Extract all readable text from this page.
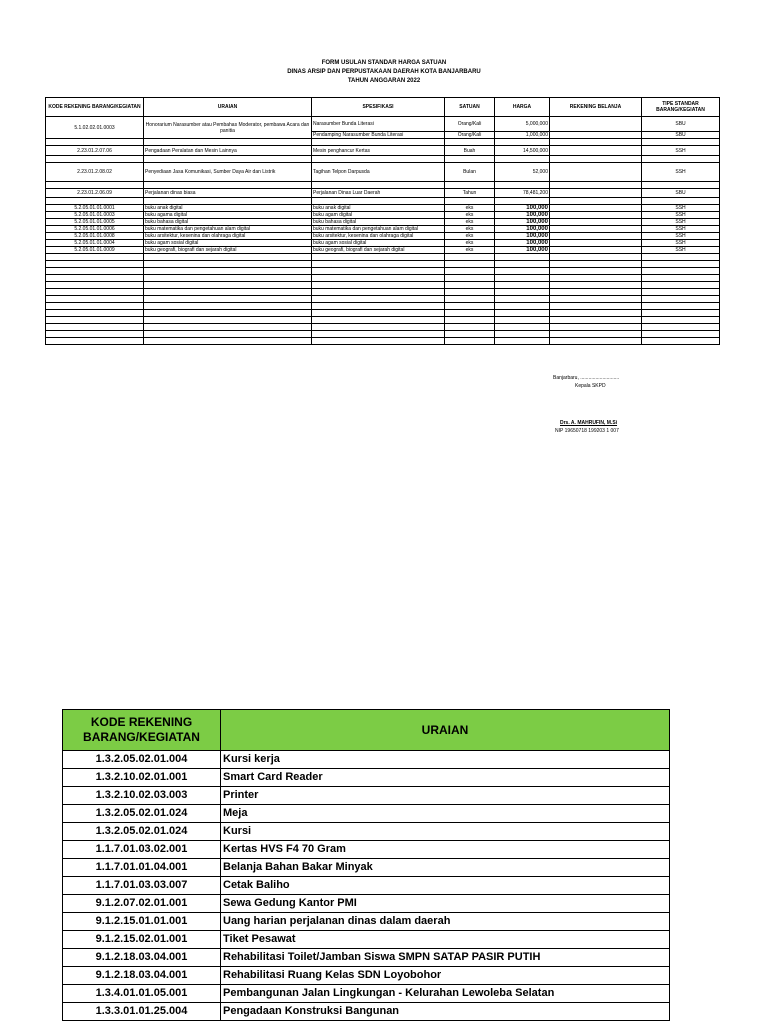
FORM USULAN STANDAR HARGA SATUAN
DINAS ARSIP DAN PERPUSTAKAAN DAERAH KOTA BANJARBARU
TAHUN ANGGARAN 2022
KODE REKENING BARANG/KEGIATAN	URAIAN	SPESIFIKASI	SATUAN	HARGA	REKENING BELANJA	TIPE STANDAR BARANG/KEGIATAN
5.1.02.02.01.0003	Honorarium Narasumber atau Pembahas Moderator, pembawa Acara dan panitia	Narasumber Bunda Literasi	Orang/Kali	5,000,000		SBU
		Pendamping Narasumber Bunda Literasi	Orang/Kali	1,000,000		SBU

2.23.01.2.07.06	Pengadaan Peralatan dan Mesin Lainnya	Mesin penghancur Kertas	Buah	14,500,000		SSH

2.23.01.2.08.02	Penyediaan Jasa Komunikasi, Sumber Daya Air dan Listrik	Tagihan Telpon Darpusda	Bulan	52,000		SSH

2.23.01.2.06.09	Perjalanan dinas biasa	Perjalanan Dinas Luar Daerah	Tahun	78,481,200		SBU

5.2.05.01.01.0001	buku anak digital	buku anak digital	eks	100,000		SSH
5.2.05.01.01.0003	buku agama digital	buku agam digital	eks	100,000		SSH
5.2.05.01.01.0005	buku bahasa digital	buku bahasa digital	eks	100,000		SSH
5.2.05.01.01.0006	buku matematika dan pengetahuan alam digital	buku matematika dan pengetahuan alam digital	eks	100,000		SSH
5.2.05.01.01.0008	buku arsitektur, kesenina dan olahraga digital	buku arsitektur, kesenina dan olahraga digital	eks	100,000		SSH
5.2.05.01.01.0004	buku agam sosial digital	buku agam sosial digital	eks	100,000		SSH
5.2.05.01.01.0009	buku geografi, biografi dan sejarah digital	buku geografi, biografi dan sejarah digital	eks	100,000		SSH

Banjarbaru, ............................
Kepala SKPD
Drs. A. MAHRUFIN, M.Si
NIP 19650718 199203 1 007
KODE REKENING BARANG/KEGIATAN	URAIAN
1.3.2.05.02.01.004	Kursi kerja
1.3.2.10.02.01.001	Smart Card Reader
1.3.2.10.02.03.003	Printer
1.3.2.05.02.01.024	Meja
1.3.2.05.02.01.024	Kursi
1.1.7.01.03.02.001	Kertas HVS F4 70 Gram
1.1.7.01.01.04.001	Belanja Bahan Bakar Minyak
1.1.7.01.03.03.007	Cetak Baliho
9.1.2.07.02.01.001	Sewa Gedung Kantor PMI
9.1.2.15.01.01.001	Uang harian perjalanan dinas dalam daerah
9.1.2.15.02.01.001	Tiket Pesawat
9.1.2.18.03.04.001	Rehabilitasi Toilet/Jamban Siswa SMPN SATAP PASIR PUTIH
9.1.2.18.03.04.001	Rehabilitasi Ruang Kelas SDN Loyobohor
1.3.4.01.01.05.001	Pembangunan Jalan Lingkungan - Kelurahan Lewoleba Selatan
1.3.3.01.01.25.004	Pengadaan Konstruksi Bangunan
